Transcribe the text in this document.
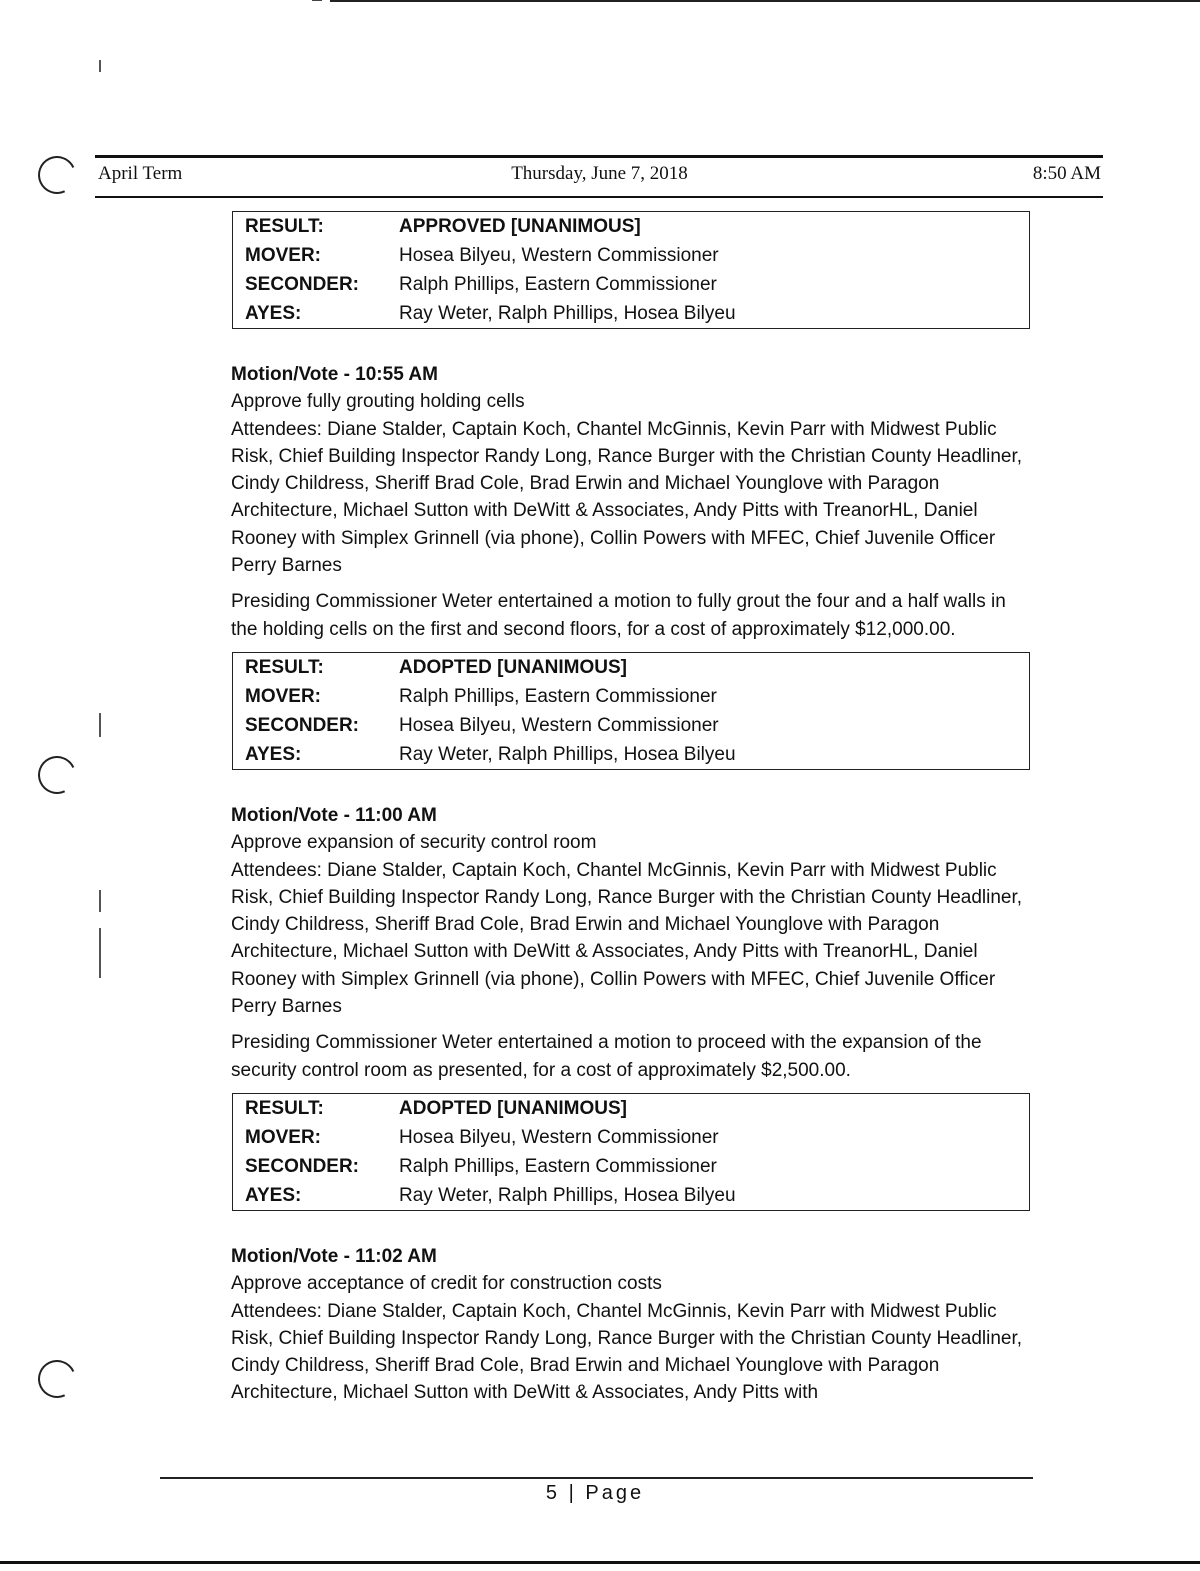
April Term	Thursday, June 7, 2018	8:50 AM
RESULT:	APPROVED [UNANIMOUS]
MOVER:	Hosea Bilyeu, Western Commissioner
SECONDER:	Ralph Phillips, Eastern Commissioner
AYES:	Ray Weter, Ralph Phillips, Hosea Bilyeu

Motion/Vote - 10:55 AM

Approve fully grouting holding cells

Attendees: Diane Stalder, Captain Koch, Chantel McGinnis, Kevin Parr with Midwest Public Risk, Chief Building Inspector Randy Long, Rance Burger with the Christian County Headliner, Cindy Childress, Sheriff Brad Cole, Brad Erwin and Michael Younglove with Paragon Architecture, Michael Sutton with DeWitt & Associates, Andy Pitts with TreanorHL, Daniel Rooney with Simplex Grinnell (via phone), Collin Powers with MFEC, Chief Juvenile Officer Perry Barnes

Presiding Commissioner Weter entertained a motion to fully grout the four and a half walls in the holding cells on the first and second floors, for a cost of approximately $12,000.00.

RESULT:	ADOPTED [UNANIMOUS]
MOVER:	Ralph Phillips, Eastern Commissioner
SECONDER:	Hosea Bilyeu, Western Commissioner
AYES:	Ray Weter, Ralph Phillips, Hosea Bilyeu

Motion/Vote - 11:00 AM

Approve expansion of security control room

Attendees: Diane Stalder, Captain Koch, Chantel McGinnis, Kevin Parr with Midwest Public Risk, Chief Building Inspector Randy Long, Rance Burger with the Christian County Headliner, Cindy Childress, Sheriff Brad Cole, Brad Erwin and Michael Younglove with Paragon Architecture, Michael Sutton with DeWitt & Associates, Andy Pitts with TreanorHL, Daniel Rooney with Simplex Grinnell (via phone), Collin Powers with MFEC, Chief Juvenile Officer Perry Barnes

Presiding Commissioner Weter entertained a motion to proceed with the expansion of the security control room as presented, for a cost of approximately $2,500.00.

RESULT:	ADOPTED [UNANIMOUS]
MOVER:	Hosea Bilyeu, Western Commissioner
SECONDER:	Ralph Phillips, Eastern Commissioner
AYES:	Ray Weter, Ralph Phillips, Hosea Bilyeu

Motion/Vote - 11:02 AM

Approve acceptance of credit for construction costs

Attendees: Diane Stalder, Captain Koch, Chantel McGinnis, Kevin Parr with Midwest Public Risk, Chief Building Inspector Randy Long, Rance Burger with the Christian County Headliner, Cindy Childress, Sheriff Brad Cole, Brad Erwin and Michael Younglove with Paragon Architecture, Michael Sutton with DeWitt & Associates, Andy Pitts with

5 | Page
